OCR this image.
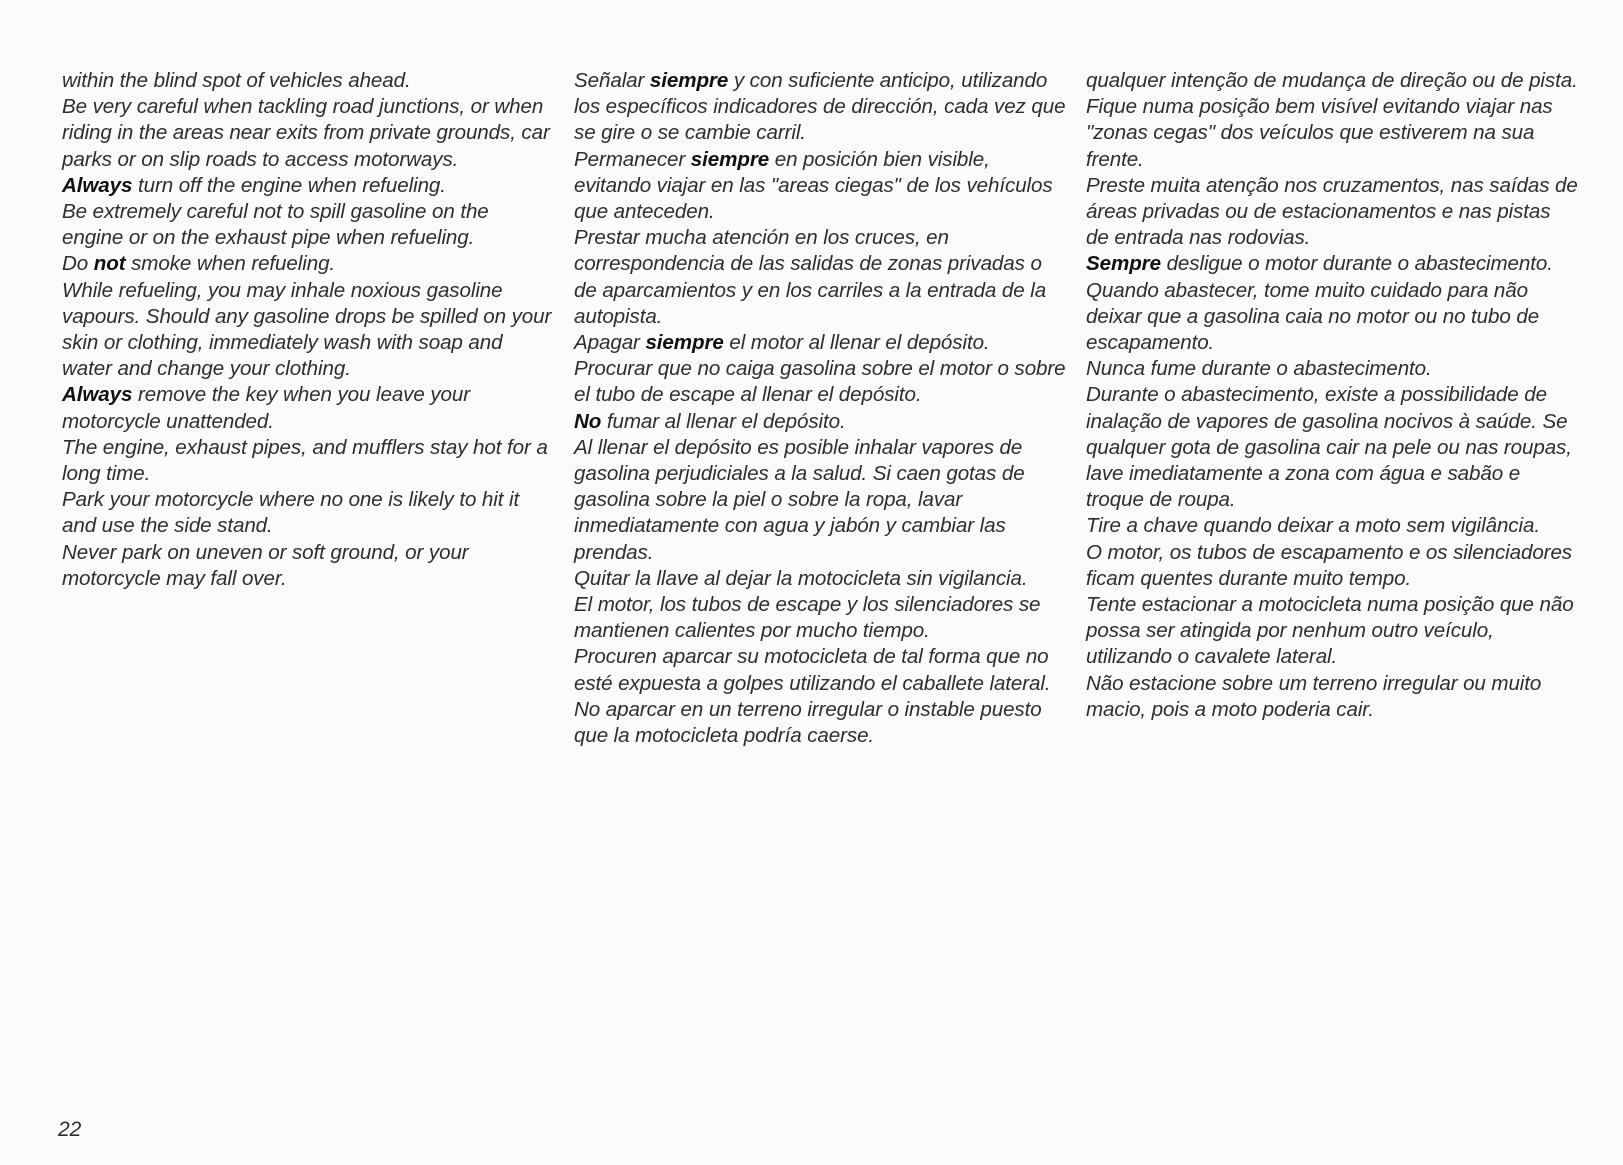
within the blind spot of vehicles ahead.

Be very careful when tackling road junctions, or when riding in the areas near exits from private grounds, car parks or on slip roads to access motorways.

Always turn off the engine when refueling.

Be extremely careful not to spill gasoline on the engine or on the exhaust pipe when refueling.

Do not smoke when refueling.

While refueling, you may inhale noxious gasoline vapours. Should any gasoline drops be spilled on your skin or clothing, immediately wash with soap and water and change your clothing.

Always remove the key when you leave your motorcycle unattended.

The engine, exhaust pipes, and mufflers stay hot for a long time.

Park your motorcycle where no one is likely to hit it and use the side stand.

Never park on uneven or soft ground, or your motorcycle may fall over.

Señalar siempre y con suficiente anticipo, utilizando los específicos indicadores de dirección, cada vez que se gire o se cambie carril.

Permanecer siempre en posición bien visible, evitando viajar en las "areas ciegas" de los vehículos que anteceden.

Prestar mucha atención en los cruces, en correspondencia de las salidas de zonas privadas o de aparcamientos y en los carriles a la entrada de la autopista.

Apagar siempre el motor al llenar el depósito.

Procurar que no caiga gasolina sobre el motor o sobre el tubo de escape al llenar el depósito.

No fumar al llenar el depósito.

Al llenar el depósito es posible inhalar vapores de gasolina perjudiciales a la salud. Si caen gotas de gasolina sobre la piel o sobre la ropa, lavar inmediatamente con agua y jabón y cambiar las prendas.

Quitar la llave al dejar la motocicleta sin vigilancia.

El motor, los tubos de escape y los silenciadores se mantienen calientes por mucho tiempo.

Procuren aparcar su motocicleta de tal forma que no esté expuesta a golpes utilizando el caballete lateral.

No aparcar en un terreno irregular o instable puesto que la motocicleta podría caerse.

qualquer intenção de mudança de direção ou de pista.

Fique numa posição bem visível evitando viajar nas "zonas cegas" dos veículos que estiverem na sua frente.

Preste muita atenção nos cruzamentos, nas saídas de áreas privadas ou de estacionamentos e nas pistas de entrada nas rodovias.

Sempre desligue o motor durante o abastecimento.

Quando abastecer, tome muito cuidado para não deixar que a gasolina caia no motor ou no tubo de escapamento.

Nunca fume durante o abastecimento.

Durante o abastecimento, existe a possibilidade de inalação de vapores de gasolina nocivos à saúde. Se qualquer gota de gasolina cair na pele ou nas roupas, lave imediatamente a zona com água e sabão e troque de roupa.

Tire a chave quando deixar a moto sem vigilância.

O motor, os tubos de escapamento e os silenciadores ficam quentes durante muito tempo.

Tente estacionar a motocicleta numa posição que não possa ser atingida por nenhum outro veículo, utilizando o cavalete lateral.

Não estacione sobre um terreno irregular ou muito macio, pois a moto poderia cair.

22
